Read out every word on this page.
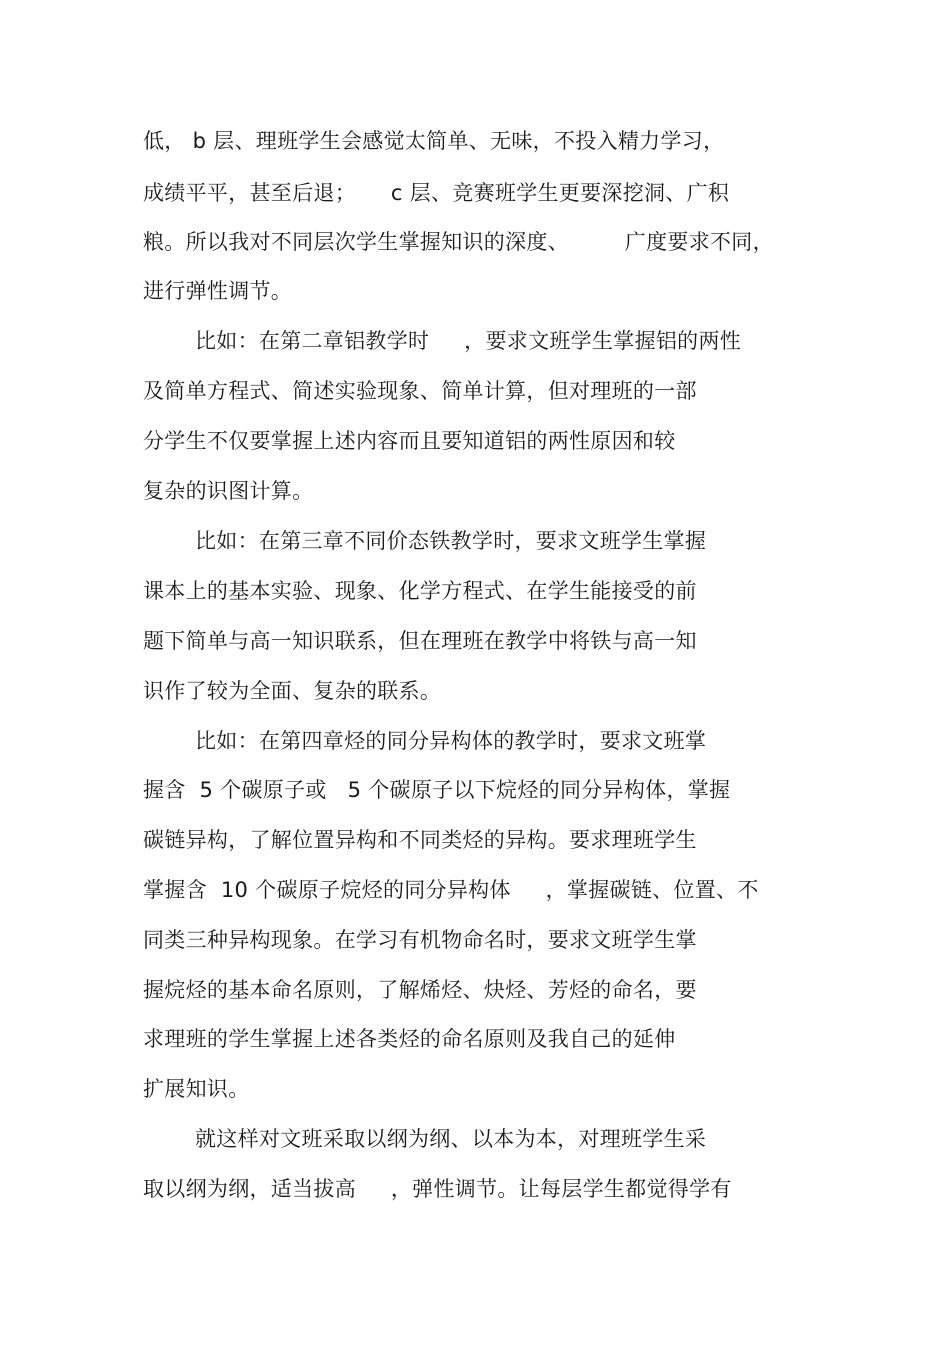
低， b 层、理班学生会感觉太简单、无味，不投入精力学习，
成绩平平，甚至后退；     c 层、竞赛班学生更要深挖洞、广积
粮。所以我对不同层次学生掌握知识的深度、        广度要求不同，
进行弹性调节。
比如：在第二章铝教学时     ，要求文班学生掌握铝的两性
及简单方程式、简述实验现象、简单计算，但对理班的一部
分学生不仅要掌握上述内容而且要知道铝的两性原因和较
复杂的识图计算。
比如：在第三章不同价态铁教学时，要求文班学生掌握
课本上的基本实验、现象、化学方程式、在学生能接受的前
题下简单与高一知识联系，但在理班在教学中将铁与高一知
识作了较为全面、复杂的联系。
比如：在第四章烃的同分异构体的教学时，要求文班掌
握含  5 个碳原子或   5 个碳原子以下烷烃的同分异构体，掌握
碳链异构，了解位置异构和不同类烃的异构。要求理班学生
掌握含  10 个碳原子烷烃的同分异构体     ，掌握碳链、位置、不
同类三种异构现象。在学习有机物命名时，要求文班学生掌
握烷烃的基本命名原则，了解烯烃、炔烃、芳烃的命名，要
求理班的学生掌握上述各类烃的命名原则及我自己的延伸
扩展知识。
就这样对文班采取以纲为纲、以本为本，对理班学生采
取以纲为纲，适当拔高     ，弹性调节。让每层学生都觉得学有
